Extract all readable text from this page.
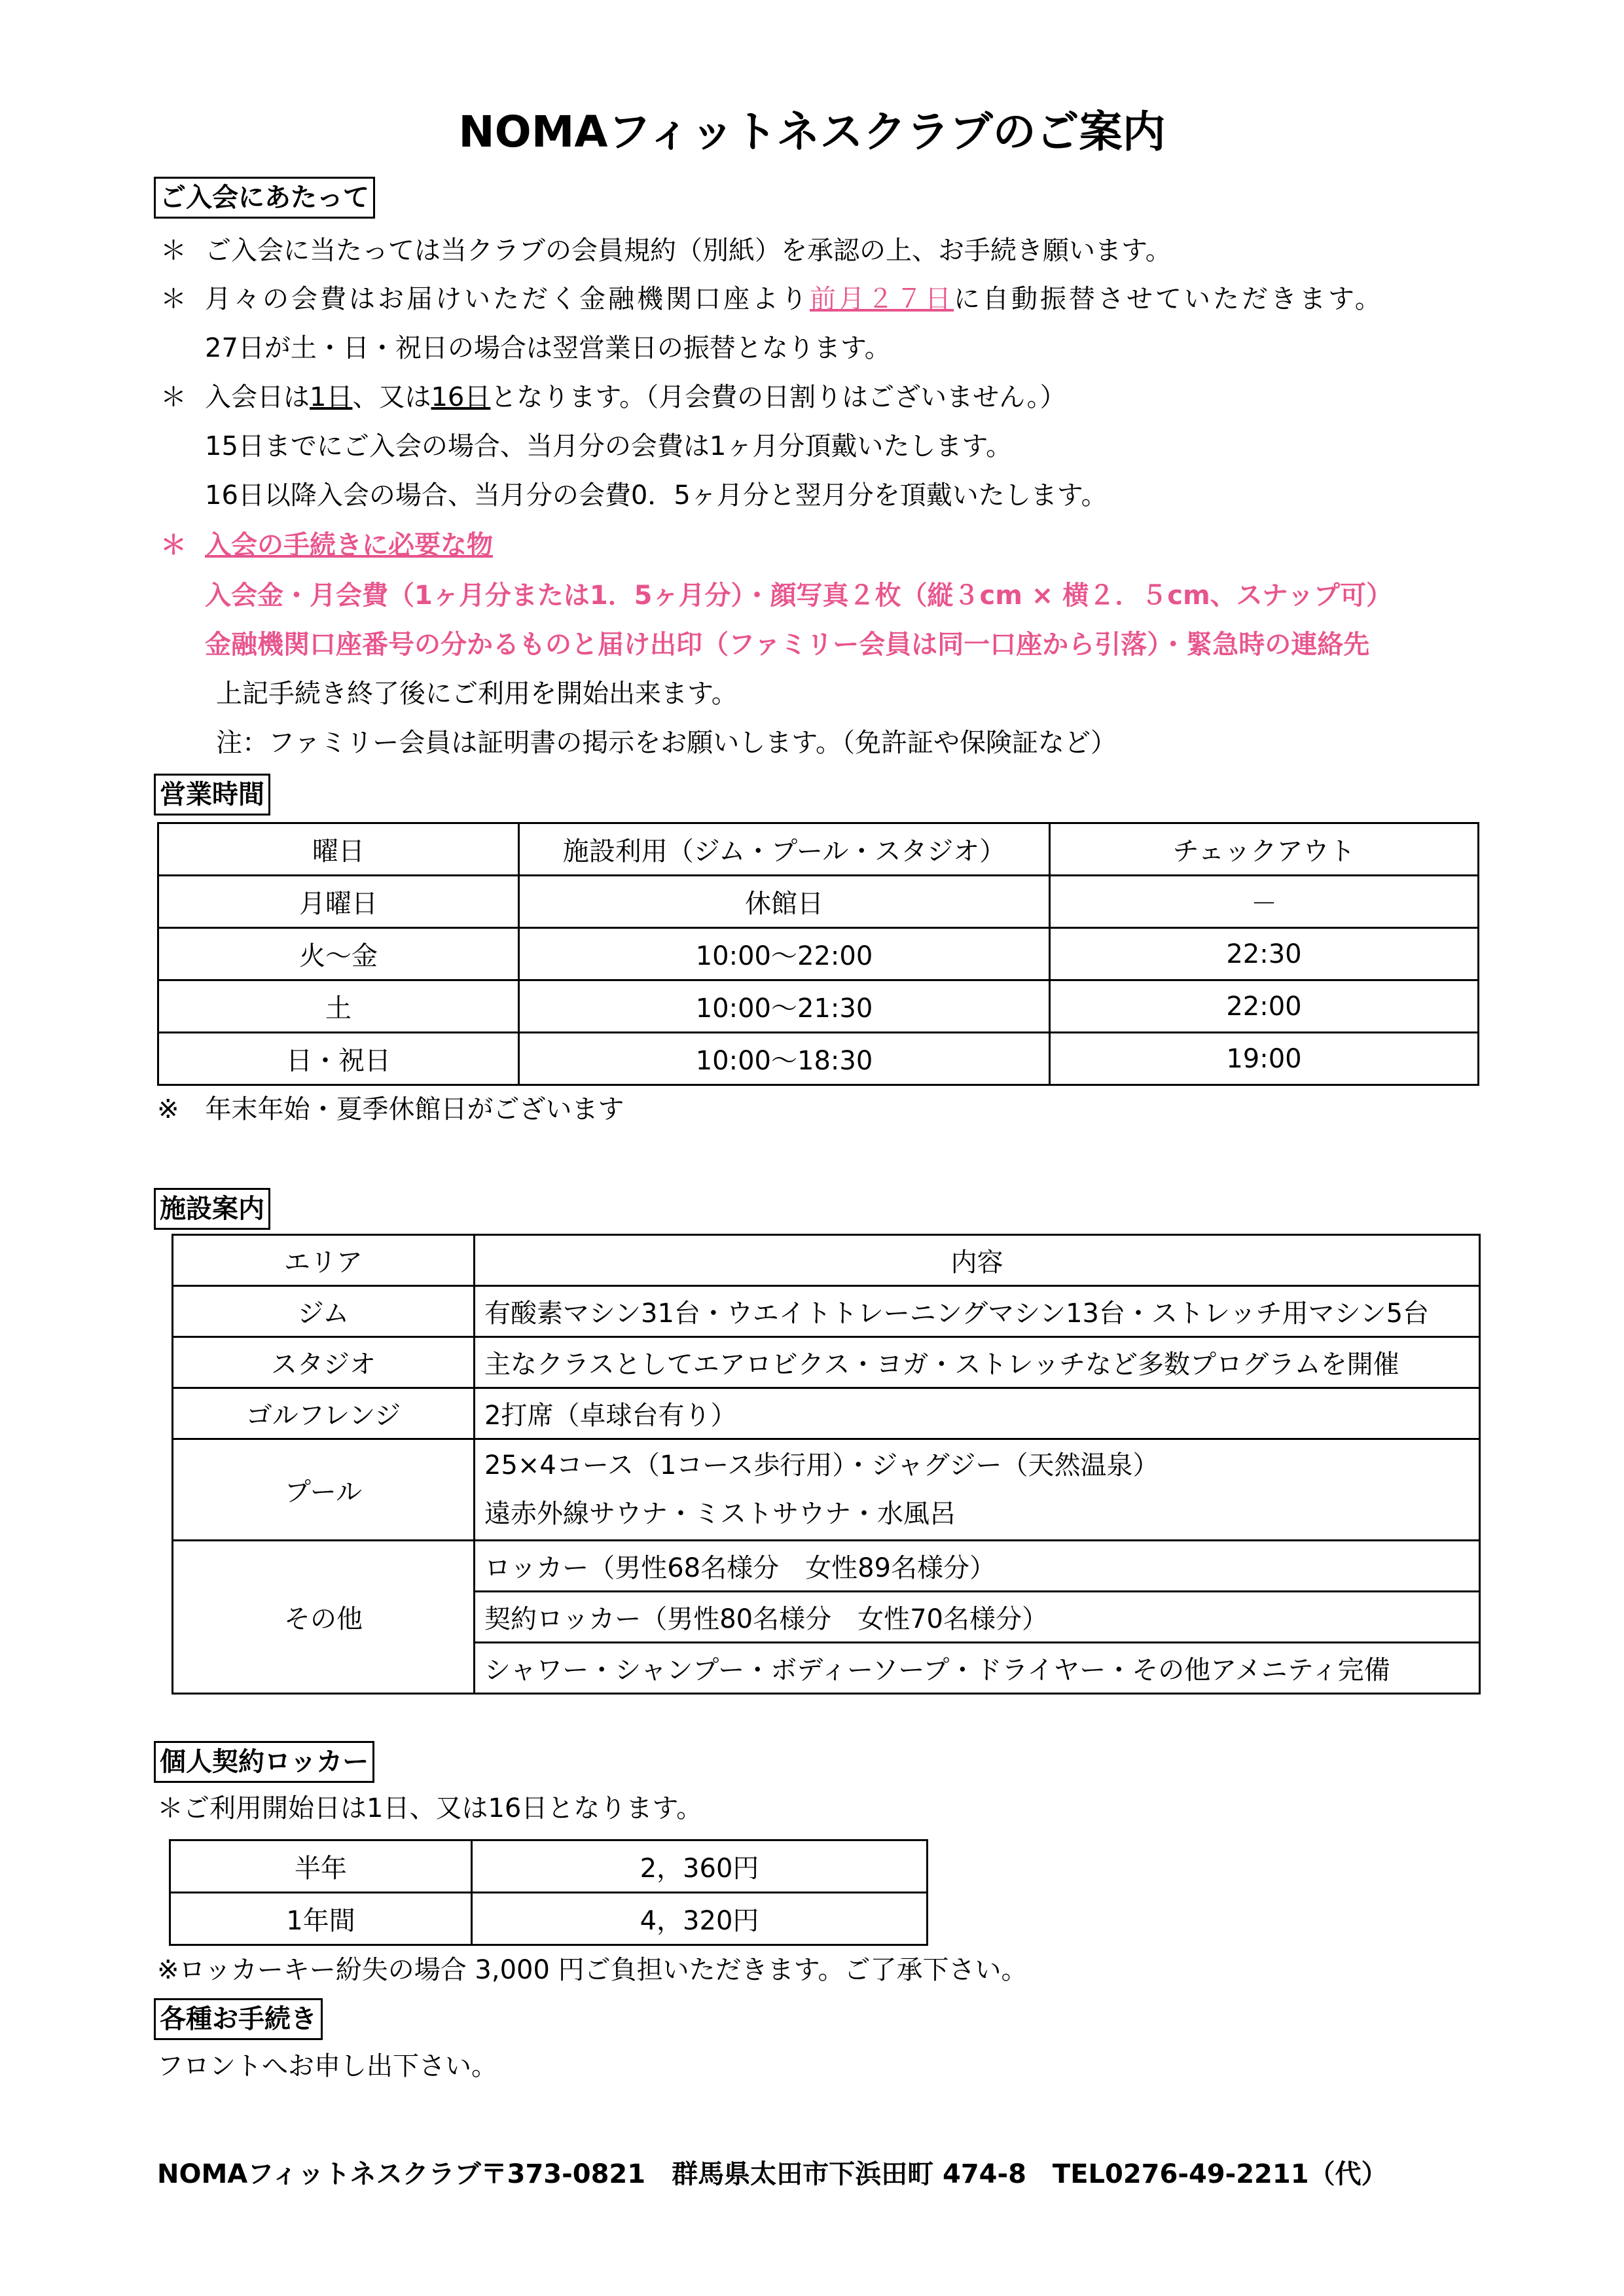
NOMAフィットネスクラブのご案内
ご入会にあたって
＊ ご入会に当たっては当クラブの会員規約（別紙）を承認の上、お手続き願います。
＊ 月々の会費はお届けいただく金融機関口座より前月２７日に自動振替させていただきます。
27日が土・日・祝日の場合は翌営業日の振替となります。
＊ 入会日は1日、又は16日となります。（月会費の日割りはございません。）
15日までにご入会の場合、当月分の会費は1ヶ月分頂戴いたします。
16日以降入会の場合、当月分の会費0．5ヶ月分と翌月分を頂戴いたします。
＊ 入会の手続きに必要な物
入会金・月会費（1ヶ月分または1．5ヶ月分）・顔写真２枚（縦３cm × 横２．５cm、スナップ可）
金融機関口座番号の分かるものと届け出印（ファミリー会員は同一口座から引落）・緊急時の連絡先
上記手続き終了後にご利用を開始出来ます。
注：ファミリー会員は証明書の掲示をお願いします。（免許証や保険証など）
営業時間
曜日	施設利用（ジム・プール・スタジオ）	チェックアウト
月曜日	休館日	－
火～金	10:00～22:00	22:30
土	10:00～21:30	22:00
日・祝日	10:00～18:30	19:00
※　年末年始・夏季休館日がございます
施設案内
エリア	内容
ジム	有酸素マシン31台・ウエイトトレーニングマシン13台・ストレッチ用マシン5台
スタジオ	主なクラスとしてエアロビクス・ヨガ・ストレッチなど多数プログラムを開催
ゴルフレンジ	2打席（卓球台有り）
プール	25×4コース（1コース歩行用）・ジャグジー（天然温泉）
遠赤外線サウナ・ミストサウナ・水風呂

その他	ロッカー（男性68名様分　女性89名様分）
	契約ロッカー（男性80名様分　女性70名様分）
	シャワー・シャンプー・ボディーソープ・ドライヤー・その他アメニティ完備
個人契約ロッカー
＊ご利用開始日は1日、又は16日となります。
半年	2，360円
1年間	4，320円
※ロッカーキー紛失の場合 3,000 円ご負担いただきます。ご了承下さい。
各種お手続き
フロントへお申し出下さい。
NOMAフィットネスクラブ〒373-0821　群馬県太田市下浜田町 474-8　TEL0276-49-2211（代）
